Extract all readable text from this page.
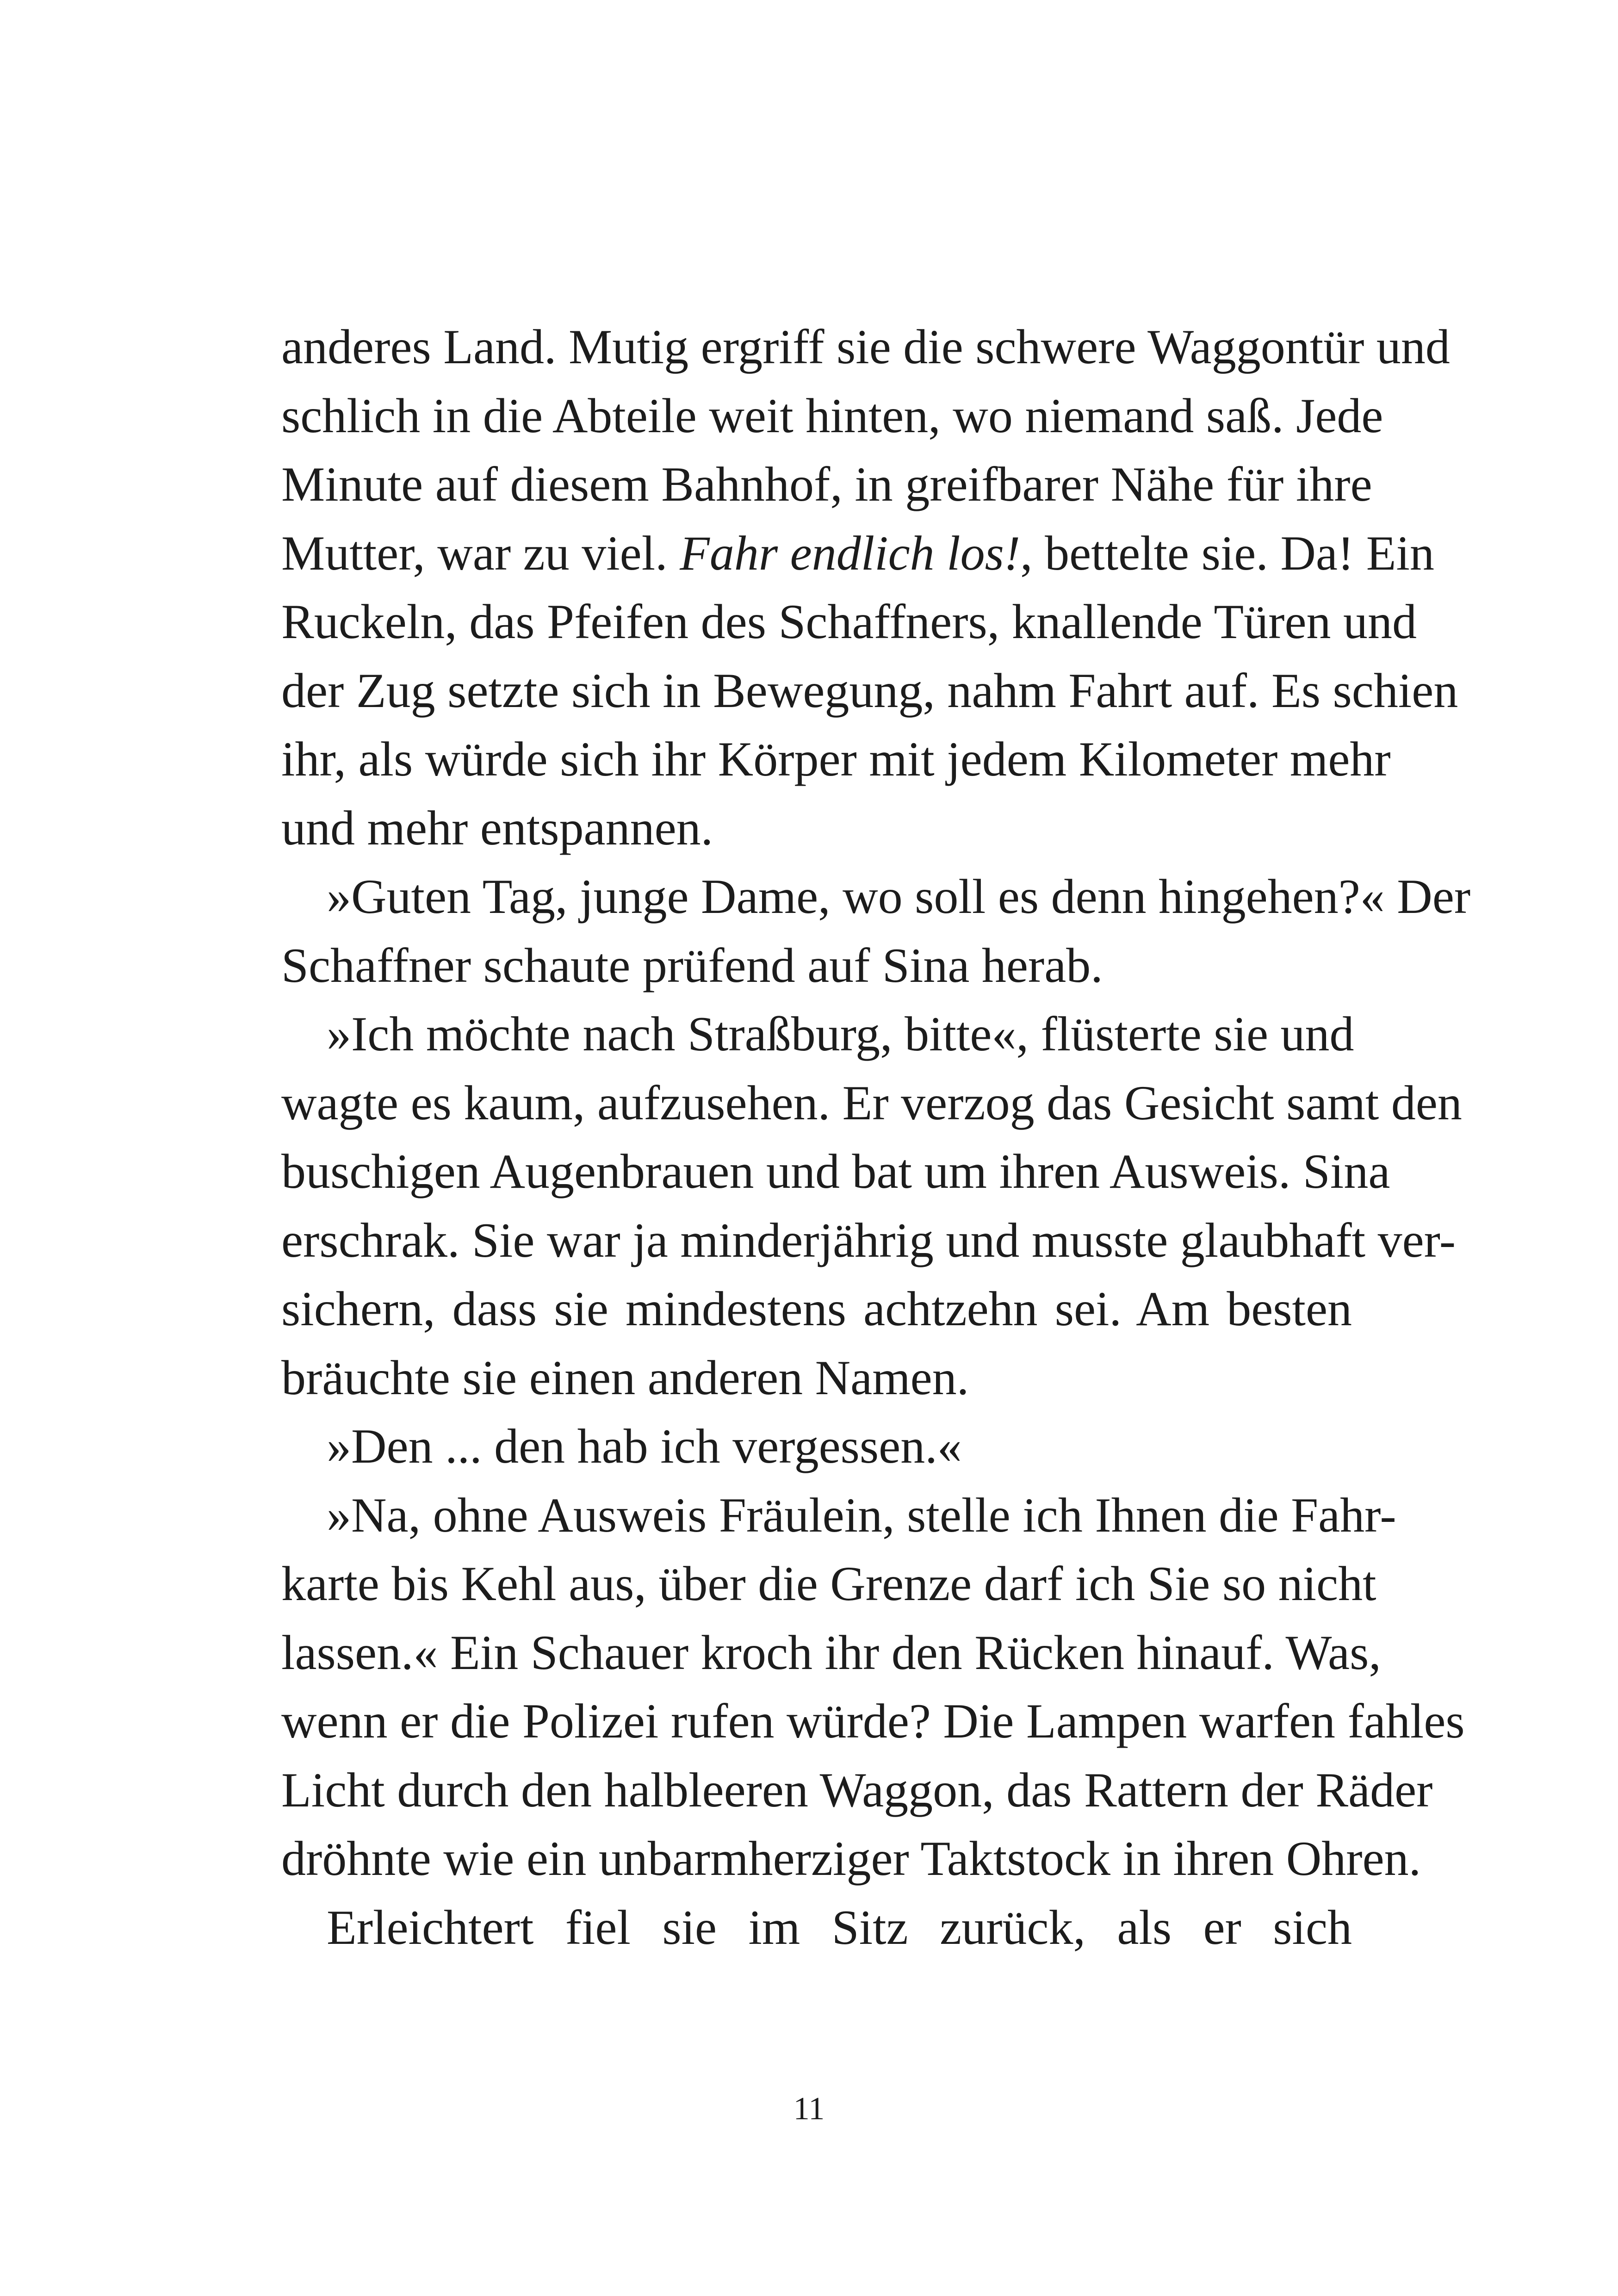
anderes Land. Mutig ergriff sie die schwere Waggontür und
schlich in die Abteile weit hinten, wo niemand saß. Jede
Minute auf diesem Bahnhof, in greifbarer Nähe für ihre
Mutter, war zu viel. Fahr endlich los!, bettelte sie. Da! Ein
Ruckeln, das Pfeifen des Schaffners, knallende Türen und
der Zug setzte sich in Bewegung, nahm Fahrt auf. Es schien
ihr, als würde sich ihr Körper mit jedem Kilometer mehr
und mehr entspannen.
»Guten Tag, junge Dame, wo soll es denn hingehen?« Der
Schaffner schaute prüfend auf Sina herab.
»Ich möchte nach Straßburg, bitte«, flüsterte sie und
wagte es kaum, aufzusehen. Er verzog das Gesicht samt den
buschigen Augenbrauen und bat um ihren Ausweis. Sina
erschrak. Sie war ja minderjährig und musste glaubhaft ver-
sichern, dass sie mindestens achtzehn sei. Am besten
bräuchte sie einen anderen Namen.
»Den ... den hab ich vergessen.«
»Na, ohne Ausweis Fräulein, stelle ich Ihnen die Fahr-
karte bis Kehl aus, über die Grenze darf ich Sie so nicht
lassen.« Ein Schauer kroch ihr den Rücken hinauf. Was,
wenn er die Polizei rufen würde? Die Lampen warfen fahles
Licht durch den halbleeren Waggon, das Rattern der Räder
dröhnte wie ein unbarmherziger Taktstock in ihren Ohren.
Erleichtert fiel sie im Sitz zurück, als er sich
11
